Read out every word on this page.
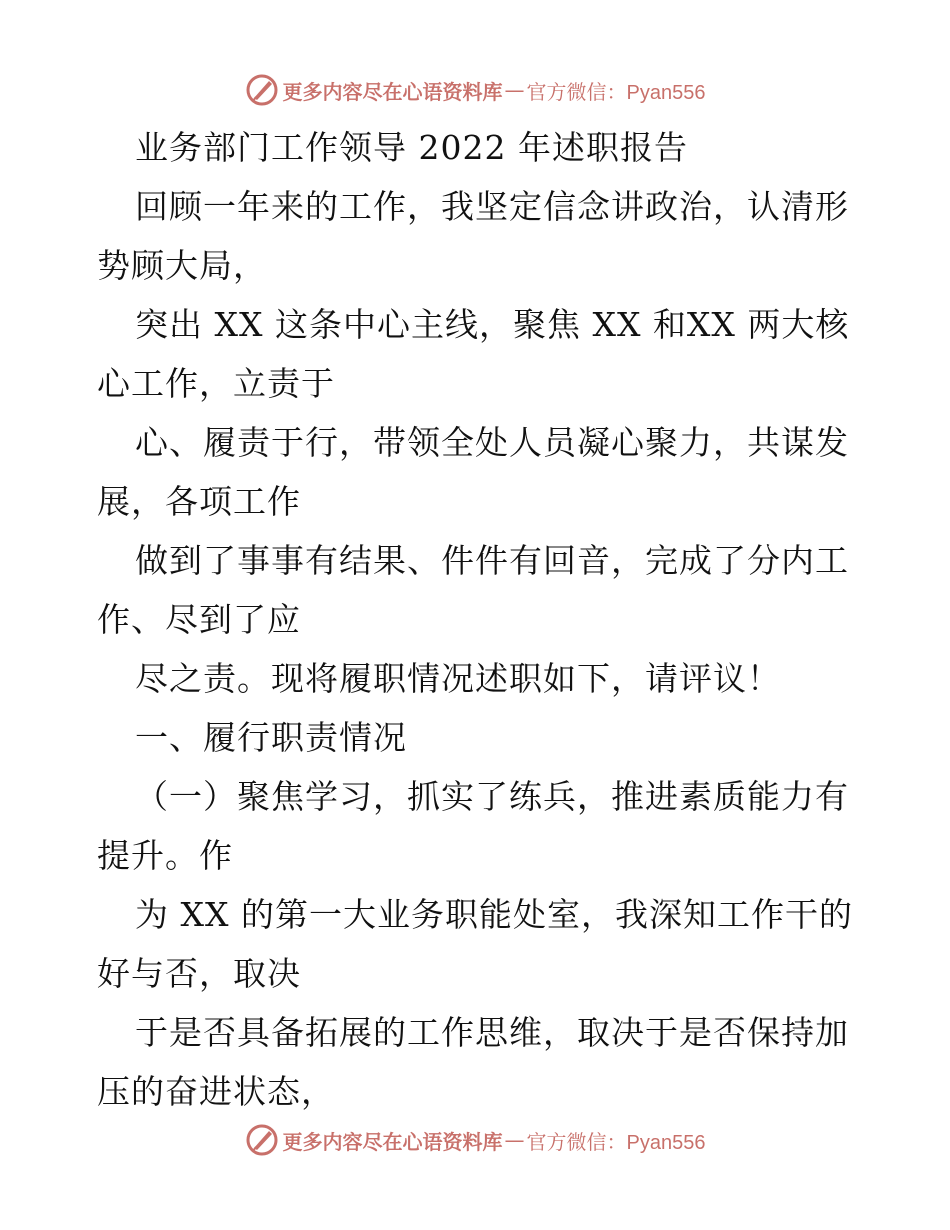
更多内容尽在心语资料库 — 官方微信：Pyan556
业务部门工作领导 2022 年述职报告
回顾一年来的工作，我坚定信念讲政治，认清形
势顾大局，
突出 XX 这条中心主线，聚焦 XX 和XX 两大核
心工作，立责于
心、履责于行，带领全处人员凝心聚力，共谋发
展，各项工作
做到了事事有结果、件件有回音，完成了分内工
作、尽到了应
尽之责。现将履职情况述职如下，请评议！
一、履行职责情况
（一）聚焦学习，抓实了练兵，推进素质能力有
提升。作
为 XX 的第一大业务职能处室，我深知工作干的
好与否，取决
于是否具备拓展的工作思维，取决于是否保持加
压的奋进状态，
更多内容尽在心语资料库 — 官方微信：Pyan556
